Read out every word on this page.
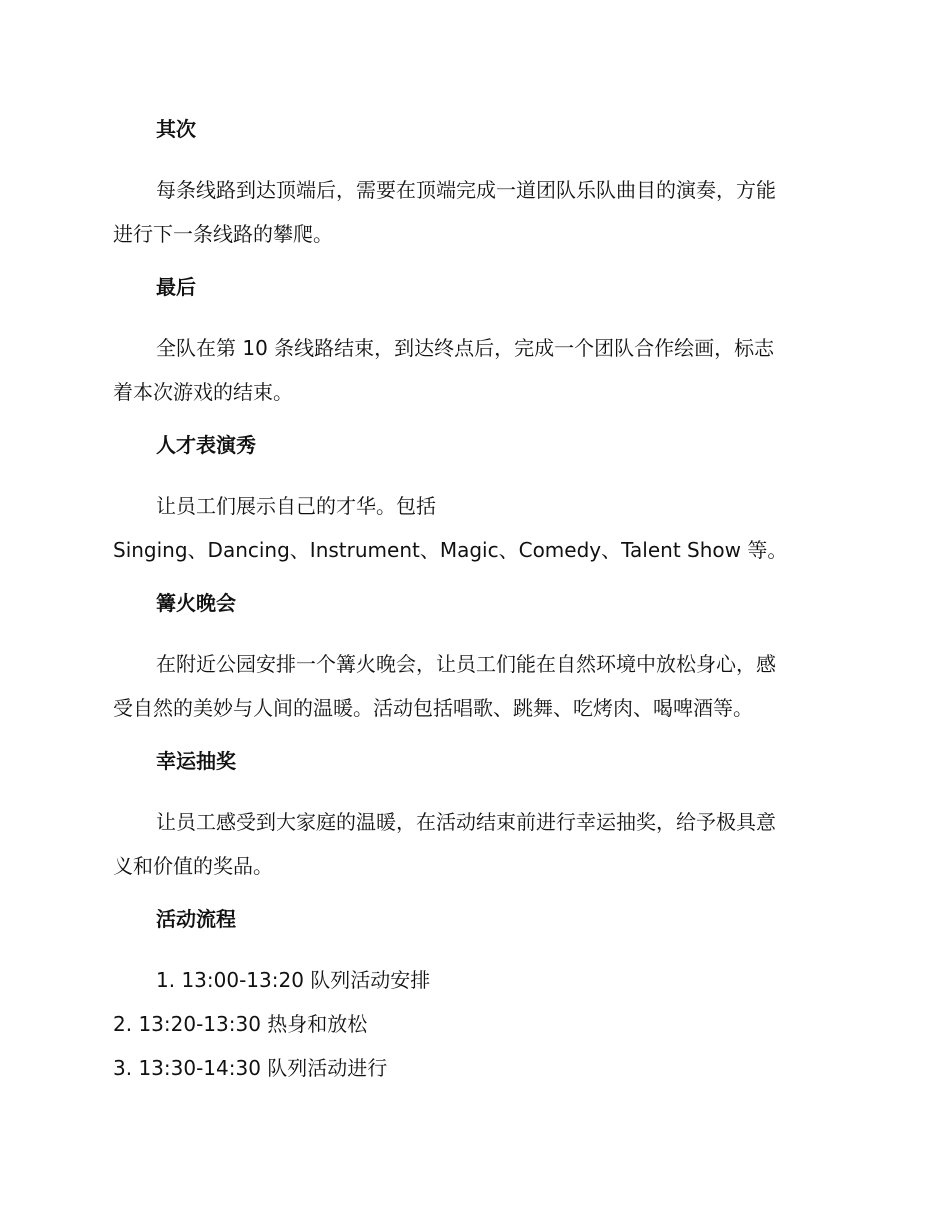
其次

每条线路到达顶端后，需要在顶端完成一道团队乐队曲目的演奏，方能
进行下一条线路的攀爬。

最后

全队在第 10 条线路结束，到达终点后，完成一个团队合作绘画，标志
着本次游戏的结束。

人才表演秀

让员工们展示自己的才华。包括
Singing、Dancing、Instrument、Magic、Comedy、Talent Show 等。

篝火晚会

在附近公园安排一个篝火晚会，让员工们能在自然环境中放松身心，感
受自然的美妙与人间的温暖。活动包括唱歌、跳舞、吃烤肉、喝啤酒等。

幸运抽奖

让员工感受到大家庭的温暖，在活动结束前进行幸运抽奖，给予极具意
义和价值的奖品。

活动流程
1. 13:00-13:20 队列活动安排
2. 13:20-13:30 热身和放松
3. 13:30-14:30 队列活动进行
